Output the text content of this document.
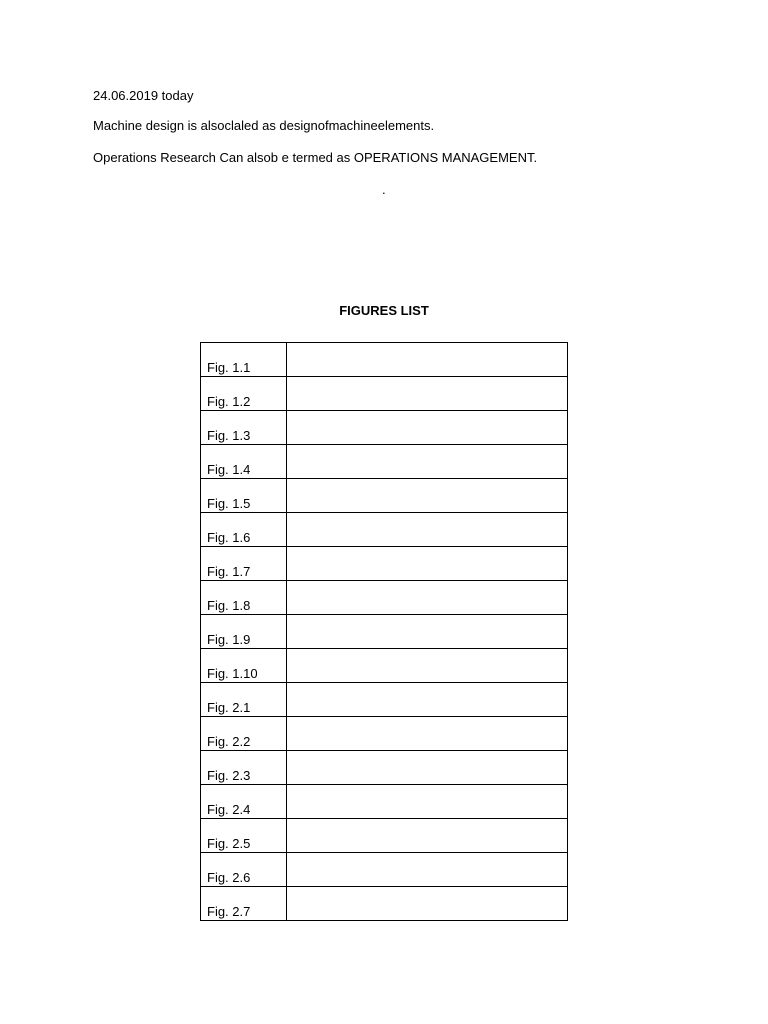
24.06.2019 today
Machine design is alsoclaled as designofmachineelements.
Operations Research Can alsob e termed as OPERATIONS MANAGEMENT.
.
FIGURES LIST
Fig. 1.1	
Fig. 1.2	
Fig. 1.3	
Fig. 1.4	
Fig. 1.5	
Fig. 1.6	
Fig. 1.7	
Fig. 1.8	
Fig. 1.9	
Fig. 1.10	
Fig. 2.1	
Fig. 2.2	
Fig. 2.3	
Fig. 2.4	
Fig. 2.5	
Fig. 2.6	
Fig. 2.7	
